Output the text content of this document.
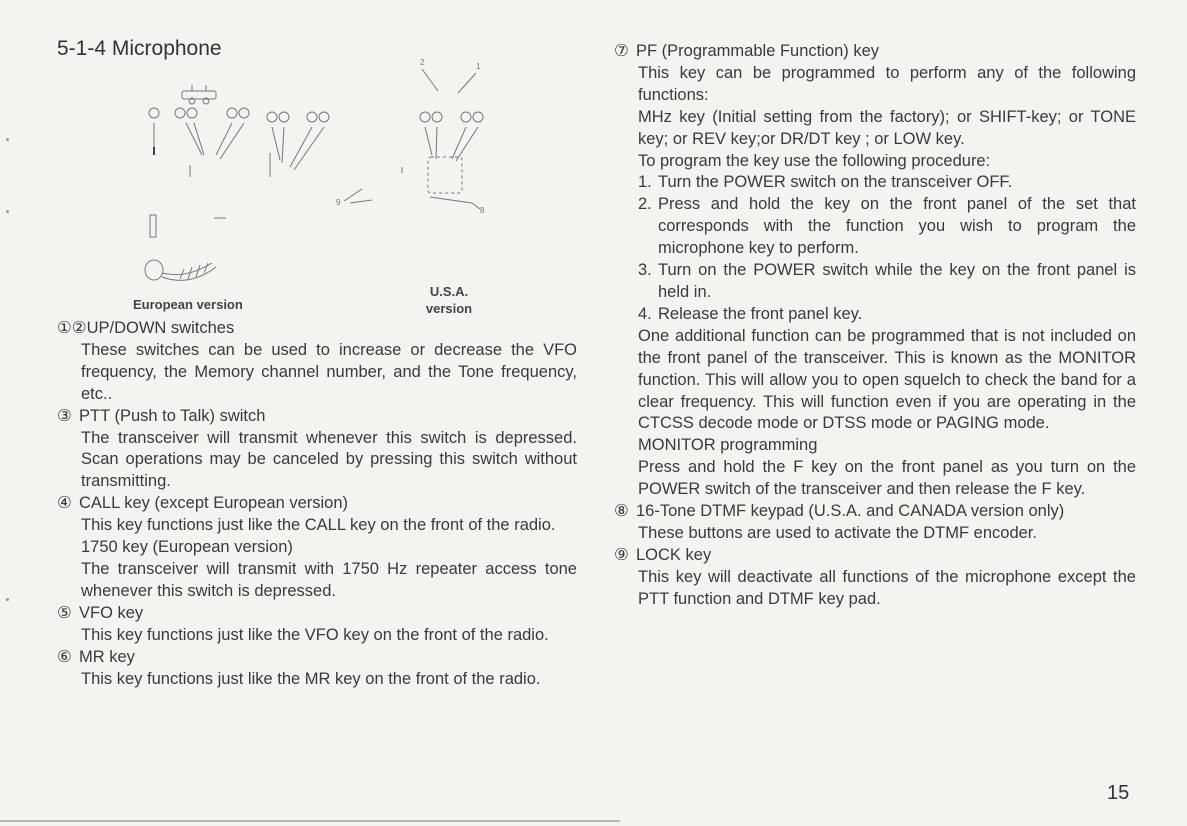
5-1-4 Microphone
2	1
9
8
European version
U.S.A.
version
①②UP/DOWN switches
These switches can be used to increase or decrease the VFO frequency, the Memory channel number, and the Tone frequency, etc..
③ PTT (Push to Talk) switch
The transceiver will transmit whenever this switch is depressed. Scan operations may be canceled by pressing this switch without transmitting.
④ CALL key (except European version)
This key functions just like the CALL key on the front of the radio.
1750 key (European version)
The transceiver will transmit with 1750 Hz repeater access tone whenever this switch is depressed.
⑤ VFO key
This key functions just like the VFO key on the front of the radio.
⑥ MR key
This key functions just like the MR key on the front of the radio.
⑦ PF (Programmable Function) key
This key can be programmed to perform any of the following functions:
MHz key (Initial setting from the factory); or SHIFT-key; or TONE key; or REV key;or DR/DT key ; or LOW key.
To program the key use the following procedure:
1. Turn the POWER switch on the transceiver OFF.
2. Press and hold the key on the front panel of the set that corresponds with the function you wish to program the microphone key to perform.
3. Turn on the POWER switch while the key on the front panel is held in.
4. Release the front panel key.
One additional function can be programmed that is not included on the front panel of the transceiver. This is known as the MONITOR function. This will allow you to open squelch to check the band for a clear frequency. This will function even if you are operating in the CTCSS decode mode or DTSS mode or PAGING mode.
MONITOR programming
Press and hold the F key on the front panel as you turn on the POWER switch of the transceiver and then release the F key.
⑧ 16-Tone DTMF keypad (U.S.A. and CANADA version only)
These buttons are used to activate the DTMF encoder.
⑨ LOCK key
This key will deactivate all functions of the microphone except the PTT function and DTMF key pad.
15
